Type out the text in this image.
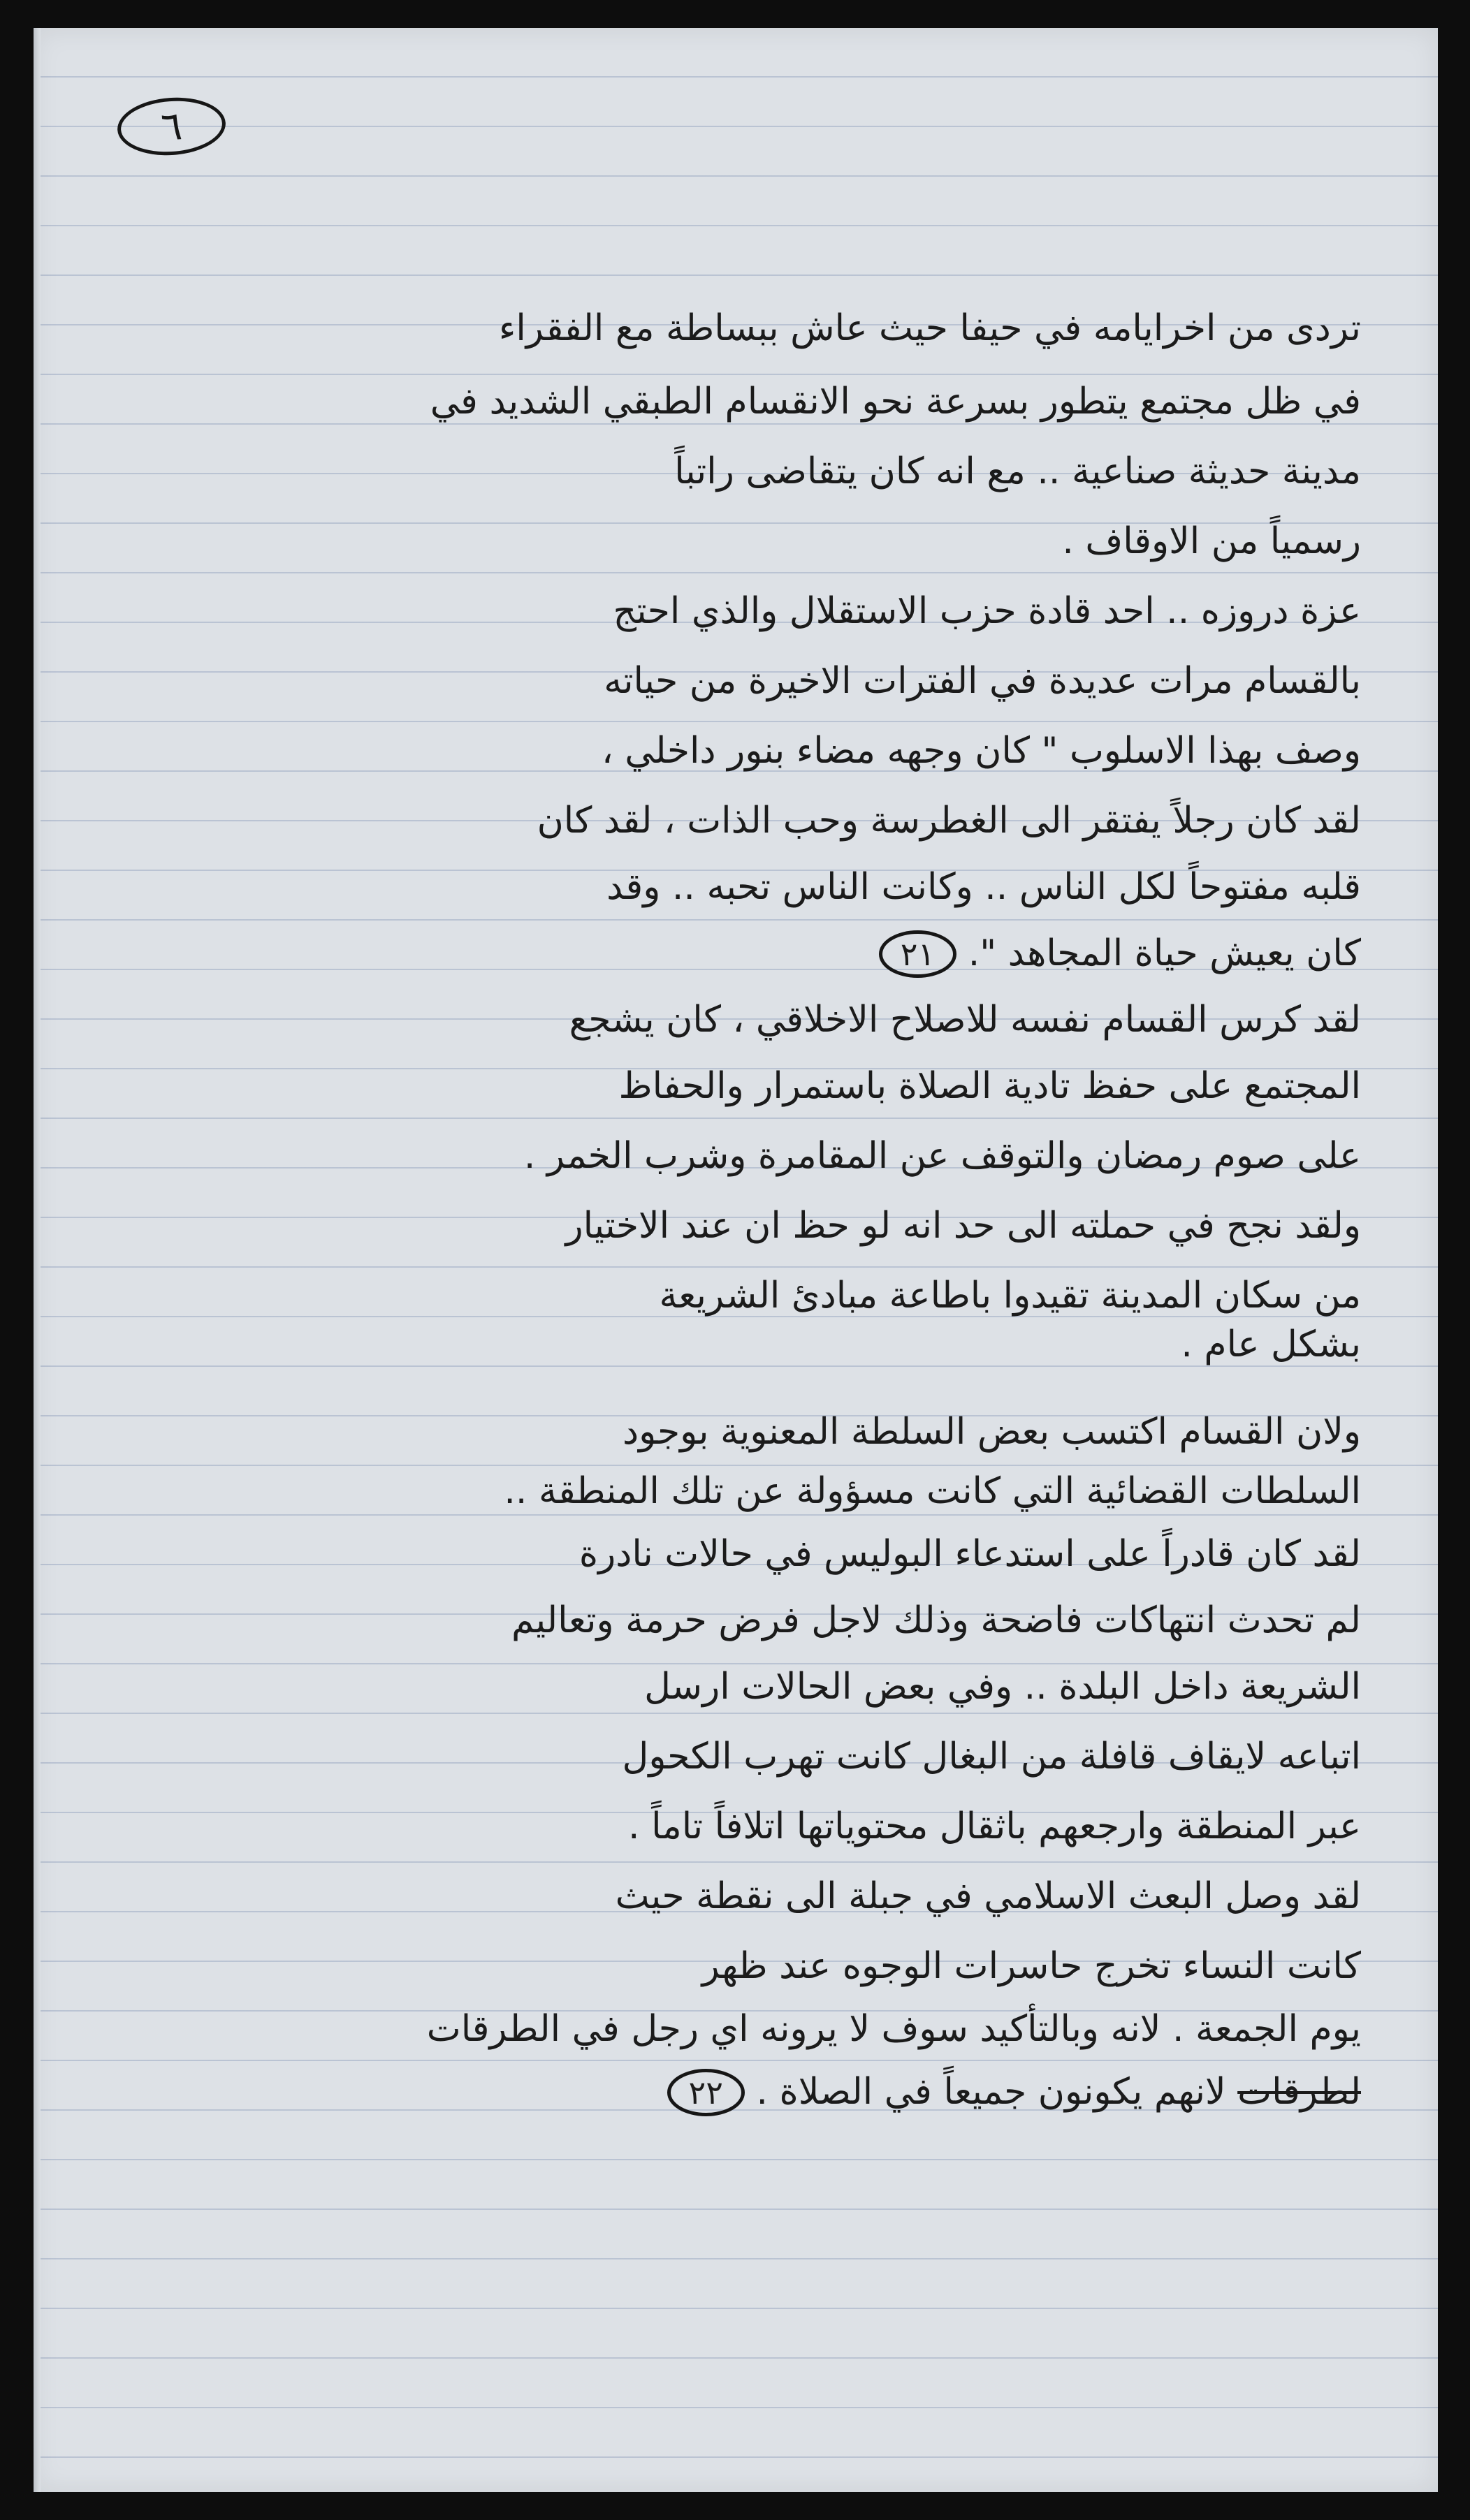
٦
تردى من اخرايامه في حيفا حيث عاش ببساطة مع الفقراء
في ظل مجتمع يتطور بسرعة نحو الانقسام الطبقي الشديد في
مدينة حديثة صناعية .. مع انه كان يتقاضى راتباً
رسمياً من الاوقاف .
عزة دروزه .. احد قادة حزب الاستقلال والذي احتج
بالقسام مرات عديدة في الفترات الاخيرة من حياته
وصف بهذا الاسلوب " كان وجهه مضاء بنور داخلي ،
لقد كان رجلاً يفتقر الى الغطرسة وحب الذات ، لقد كان
قلبه مفتوحاً لكل الناس .. وكانت الناس تحبه .. وقد
كان يعيش حياة المجاهد ". ٢١
لقد كرس القسام نفسه للاصلاح الاخلاقي ، كان يشجع
المجتمع على حفظ تادية الصلاة باستمرار والحفاظ
على صوم رمضان والتوقف عن المقامرة وشرب الخمر .
ولقد نجح في حملته الى حد انه لو حظ ان عند الاختيار
من سكان المدينة تقيدوا باطاعة مبادئ الشريعة
بشكل عام .
ولان القسام اكتسب بعض السلطة المعنوية بوجود
السلطات القضائية التي كانت مسؤولة عن تلك المنطقة ..
لقد كان قادراً على استدعاء البوليس في حالات نادرة
لم تحدث انتهاكات فاضحة وذلك لاجل فرض حرمة وتعاليم
الشريعة داخل البلدة .. وفي بعض الحالات ارسل
اتباعه لايقاف قافلة من البغال كانت تهرب الكحول
عبر المنطقة وارجعهم باثقال محتوياتها اتلافاً تاماً .
لقد وصل البعث الاسلامي في جبلة الى نقطة حيث
كانت النساء تخرج حاسرات الوجوه عند ظهر
يوم الجمعة . لانه وبالتأكيد سوف لا يرونه اي رجل في الطرقات
لطرقات لانهم يكونون جميعاً في الصلاة . ٢٢
